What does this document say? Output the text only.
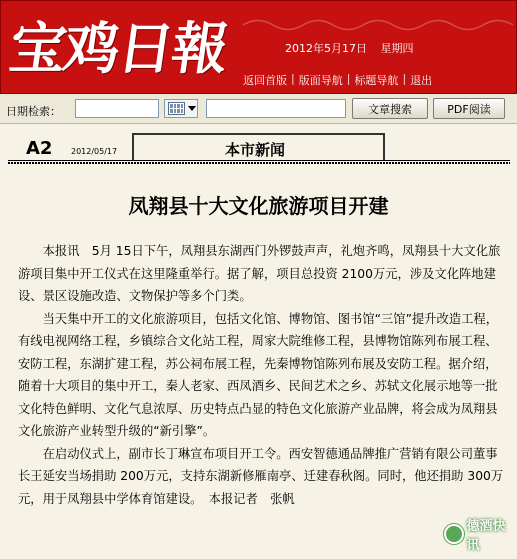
宝鸡日報	2012年5月17日 星期四
返回首版 | 版面导航 | 标题导航 | 退出
日期检索：	文章搜索	PDF阅读
A2 2012/05/17	本市新闻
凤翔县十大文化旅游项目开建

本报讯　5月 15日下午，凤翔县东湖西门外锣鼓声声，礼炮齐鸣，凤翔县十大文化旅游项目集中开工仪式在这里隆重举行。据了解，项目总投资 2100万元，涉及文化阵地建设、景区设施改造、文物保护等多个门类。

当天集中开工的文化旅游项目，包括文化馆、博物馆、图书馆“三馆”提升改造工程，有线电视网络工程，乡镇综合文化站工程，周家大院维修工程，县博物馆陈列布展工程、安防工程，东湖扩建工程，苏公祠布展工程，先秦博物馆陈列布展及安防工程。据介绍，随着十大项目的集中开工，秦人老家、西凤酒乡、民间艺术之乡、苏轼文化展示地等一批文化特色鲜明、文化气息浓厚、历史特点凸显的特色文化旅游产业品牌，将会成为凤翔县文化旅游产业转型升级的“新引擎”。

在启动仪式上，副市长丁琳宣布项目开工令。西安智德通品牌推广营销有限公司董事长王延安当场捐助 200万元，支持东湖新修雁南亭、迁建春秋阁。同时，他还捐助 300万元，用于凤翔县中学体育馆建设。　本报记者　张帆

德酒快讯
